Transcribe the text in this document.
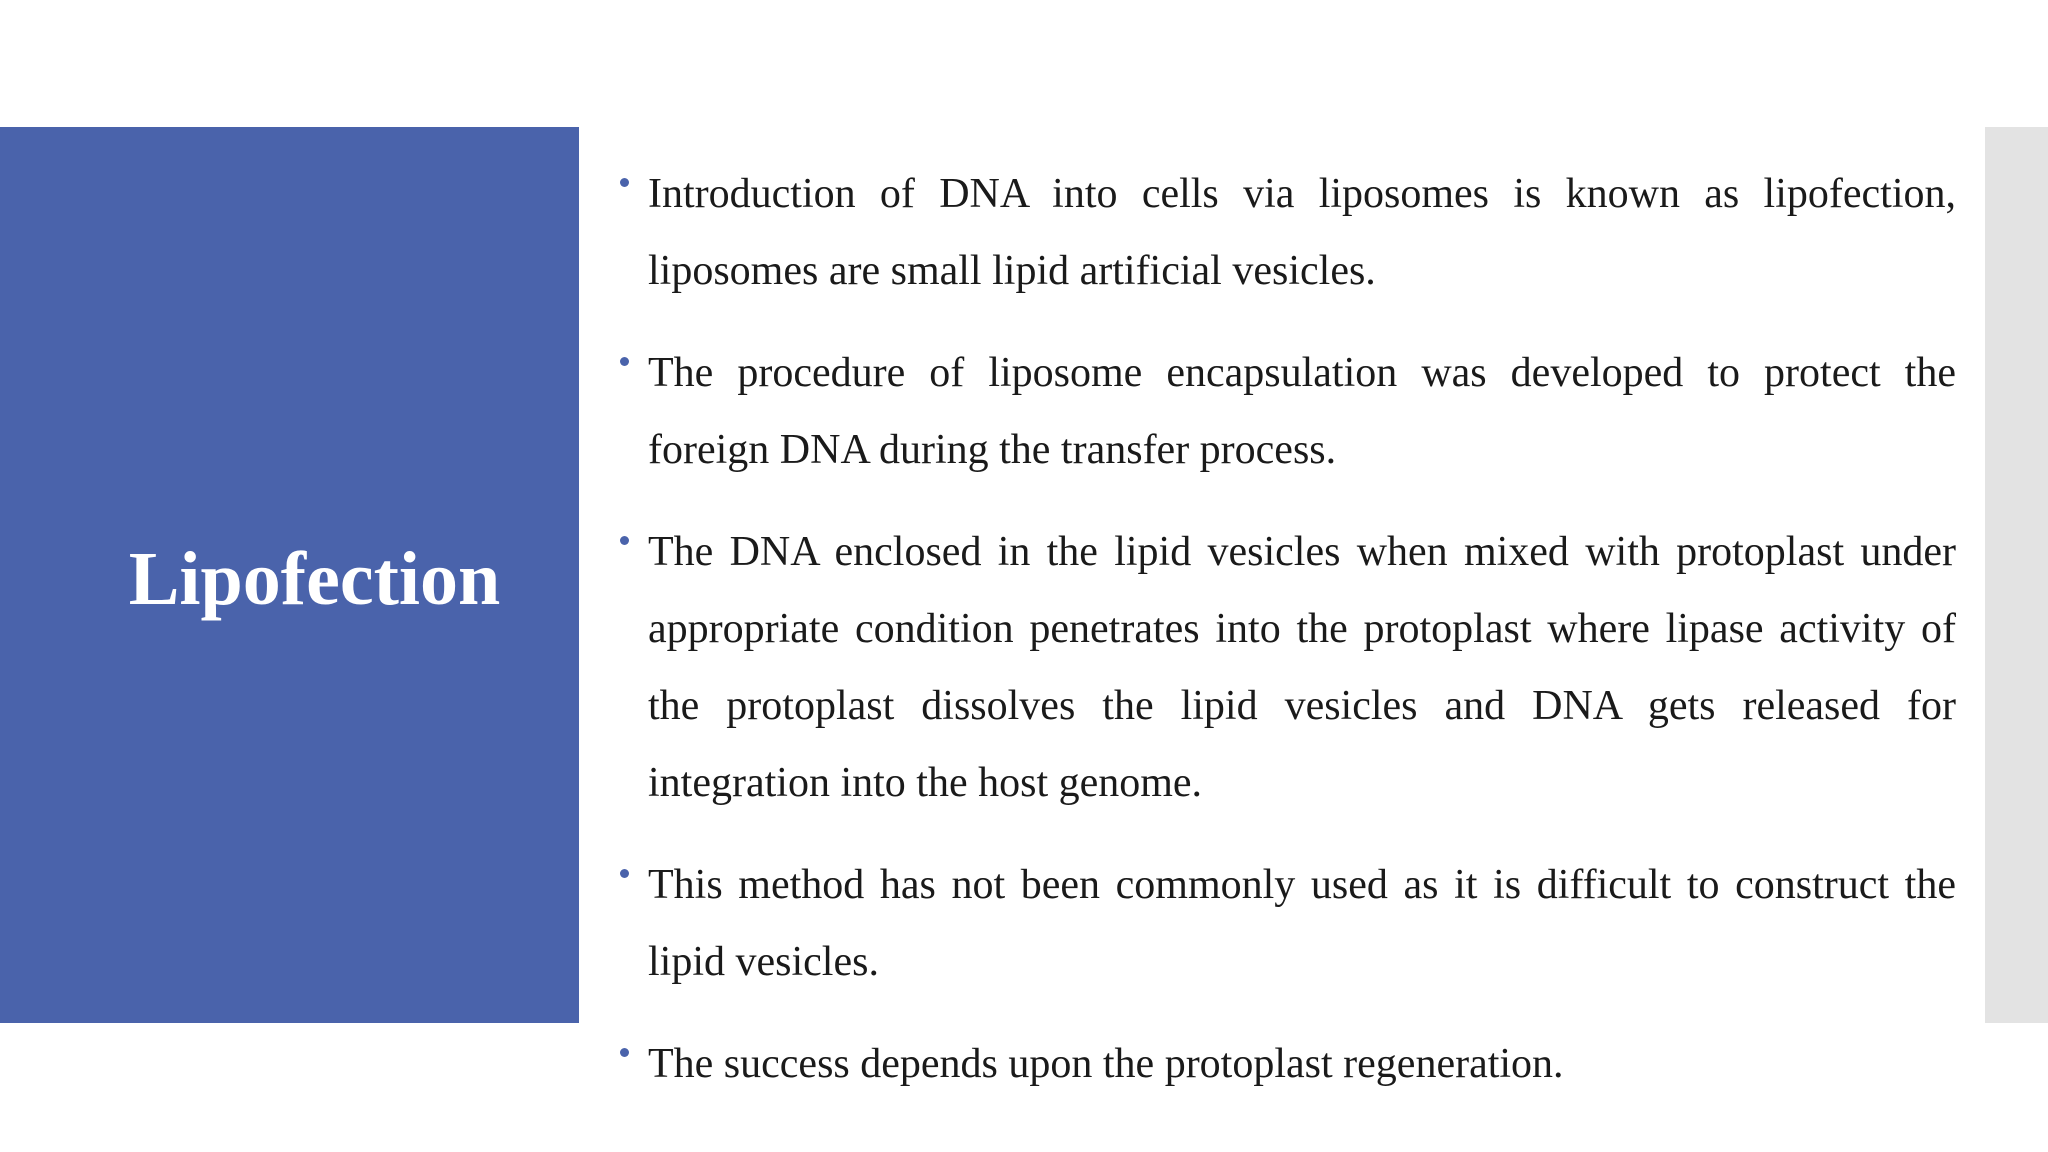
Lipofection
Introduction of DNA into cells via liposomes is known as lipofection, liposomes are small lipid artificial vesicles.
The procedure of liposome encapsulation was developed to protect the foreign DNA during the transfer process.
The DNA enclosed in the lipid vesicles when mixed with protoplast under appropriate condition penetrates into the protoplast where lipase activity of the protoplast dissolves the lipid vesicles and DNA gets released for integration into the host genome.
This method has not been commonly used as it is difficult to construct the lipid vesicles.
The success depends upon the protoplast regeneration.
